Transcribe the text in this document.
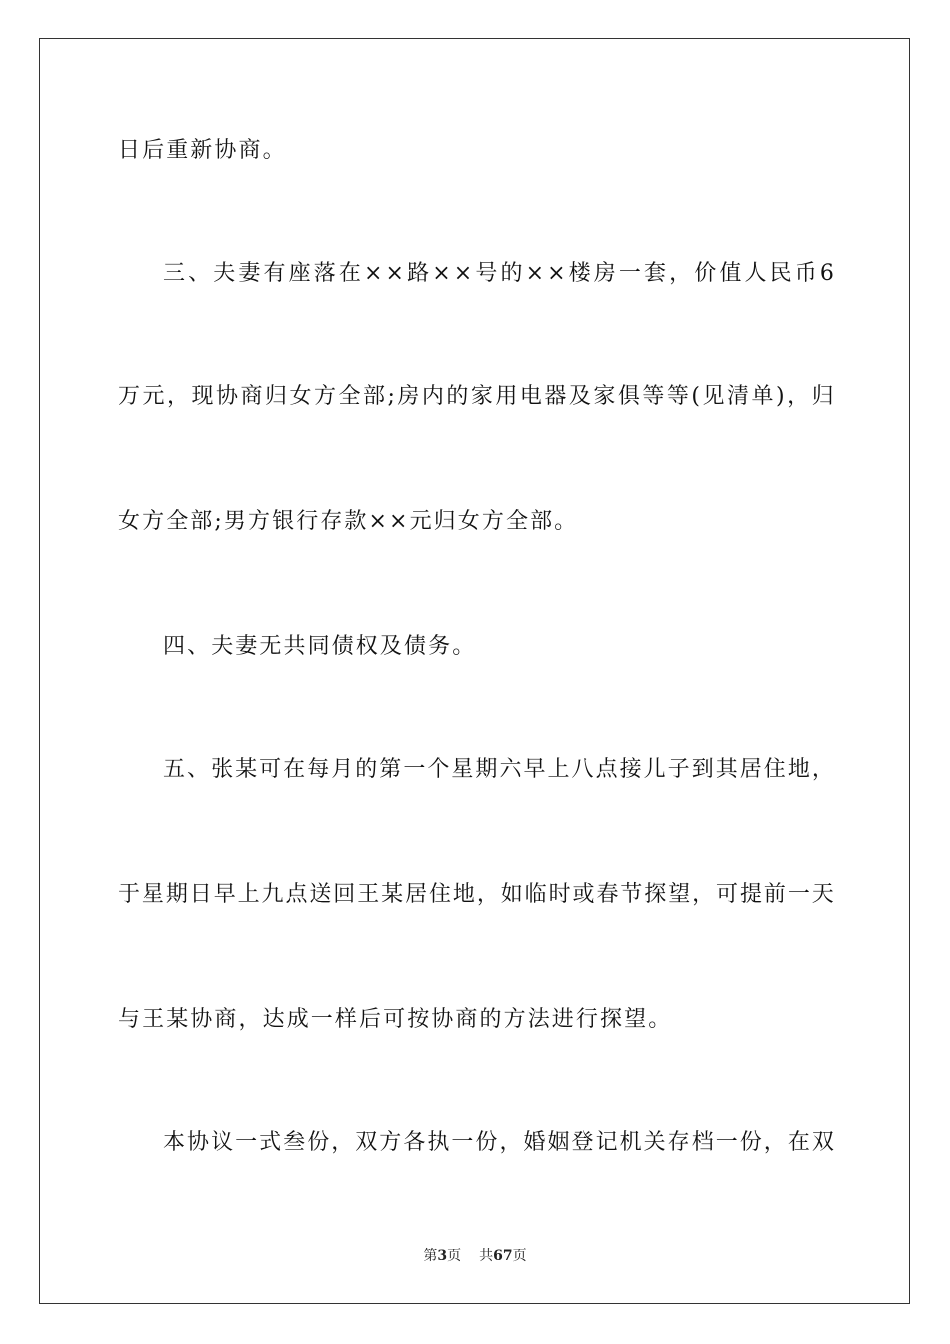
日后重新协商。
三 、 夫 妻 有 座 落 在 × × 路 × × 号 的 × × 楼 房 一 套 ， 价 值 人 民 币 6
万 元 ， 现 协 商 归 女 方 全 部 ; 房 内 的 家 用 电 器 及 家 俱 等 等 ( 见 清 单 ) ， 归
女方全部;男方银行存款××元归女方全部。
四、夫妻无共同债权及债务。
五 、 张 某 可 在 每 月 的 第 一 个 星 期 六 早 上 八 点 接 儿 子 到 其 居 住 地 ，
于 星 期 日 早 上 九 点 送 回 王 某 居 住 地 ， 如 临 时 或 春 节 探 望 ， 可 提 前 一 天
与王某协商，达成一样后可按协商的方法进行探望。
本 协 议 一 式 叁 份 ， 双 方 各 执 一 份 ， 婚 姻 登 记 机 关 存 档 一 份 ， 在 双
第3页 共67页
